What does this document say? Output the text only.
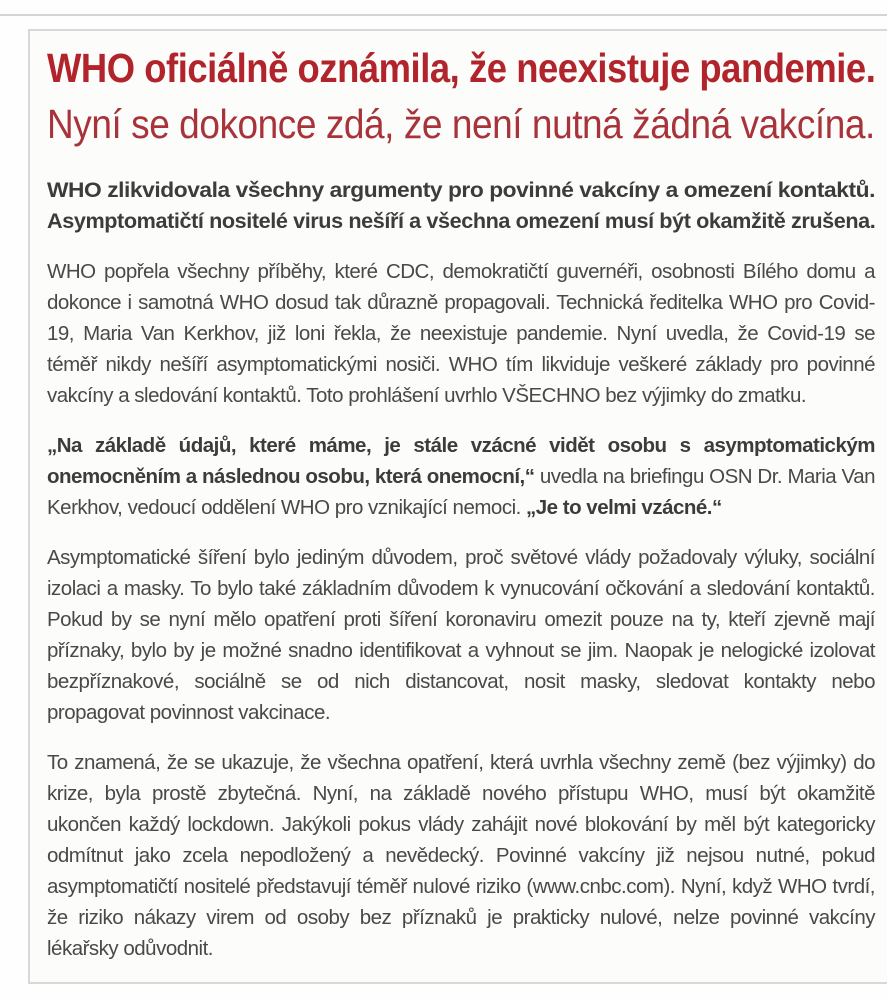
WHO oficiálně oznámila, že neexistuje pandemie.
Nyní se dokonce zdá, že není nutná žádná vakcína.
WHO zlikvidovala všechny argumenty pro povinné vakcíny a omezení kontaktů.
Asymptomatičtí nositelé virus nešíří a všechna omezení musí být okamžitě zrušena.

WHO popřela všechny příběhy, které CDC, demokratičtí guvernéři, osobnosti Bílého domu a dokonce i samotná WHO dosud tak důrazně propagovali. Technická ředitelka WHO pro Covid-19, Maria Van Kerkhov, již loni řekla, že neexistuje pandemie. Nyní uvedla, že Covid-19 se téměř nikdy nešíří asymptomatickými nosiči. WHO tím likviduje veškeré základy pro povinné vakcíny a sledování kontaktů. Toto prohlášení uvrhlo VŠECHNO bez výjimky do zmatku.

„Na základě údajů, které máme, je stále vzácné vidět osobu s asymptomatickým onemocněním a následnou osobu, která onemocní,“ uvedla na briefingu OSN Dr. Maria Van Kerkhov, vedoucí oddělení WHO pro vznikající nemoci. „Je to velmi vzácné.“

Asymptomatické šíření bylo jediným důvodem, proč světové vlády požadovaly výluky, sociální izolaci a masky. To bylo také základním důvodem k vynucování očkování a sledování kontaktů. Pokud by se nyní mělo opatření proti šíření koronaviru omezit pouze na ty, kteří zjevně mají příznaky, bylo by je možné snadno identifikovat a vyhnout se jim. Naopak je nelogické izolovat bezpříznakové, sociálně se od nich distancovat, nosit masky, sledovat kontakty nebo propagovat povinnost vakcinace.

To znamená, že se ukazuje, že všechna opatření, která uvrhla všechny země (bez výjimky) do krize, byla prostě zbytečná. Nyní, na základě nového přístupu WHO, musí být okamžitě ukončen každý lockdown. Jakýkoli pokus vlády zahájit nové blokování by měl být kategoricky odmítnut jako zcela nepodložený a nevědecký. Povinné vakcíny již nejsou nutné, pokud asymptomatičtí nositelé představují téměř nulové riziko (www.cnbc.com). Nyní, když WHO tvrdí, že riziko nákazy virem od osoby bez příznaků je prakticky nulové, nelze povinné vakcíny lékařsky odůvodnit.
